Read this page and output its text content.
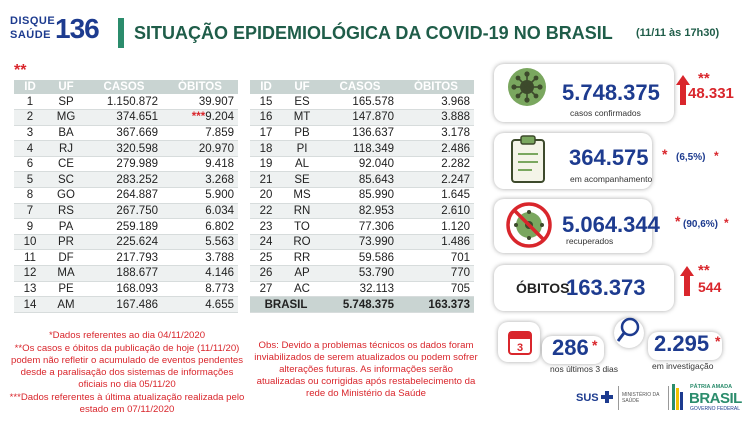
DISQUE
SAÚDE 136 SITUAÇÃO EPIDEMIOLÓGICA DA COVID-19 NO BRASIL (11/11 às 17h30)
**
ID	UF	CASOS	ÓBITOS
1	SP	1.150.872	39.907
2	MG	374.651	***9.204
3	BA	367.669	7.859
4	RJ	320.598	20.970
6	CE	279.989	9.418
5	SC	283.252	3.268
8	GO	264.887	5.900
7	RS	267.750	6.034
9	PA	259.189	6.802
10	PR	225.624	5.563
11	DF	217.793	3.788
12	MA	188.677	4.146
13	PE	168.093	8.773
14	AM	167.486	4.655
ID	UF	CASOS	ÓBITOS
15	ES	165.578	3.968
16	MT	147.870	3.888
17	PB	136.637	3.178
18	PI	118.349	2.486
19	AL	92.040	2.282
21	SE	85.643	2.247
20	MS	85.990	1.645
22	RN	82.953	2.610
23	TO	77.306	1.120
24	RO	73.990	1.486
25	RR	59.586	701
26	AP	53.790	770
27	AC	32.113	705
BRASIL		5.748.375	163.373

*Dados referentes ao dia 04/11/2020

**Os casos e óbitos da publicação de hoje (11/11/20) podem não refletir o acumulado de eventos pendentes desde a paralisação dos sistemas de informações oficiais no dia 05/11/20

***Dados referentes à última atualização realizada pelo estado em 07/11/2020

Obs: Devido a problemas técnicos os dados foram inviabilizados de serem atualizados ou podem sofrer alterações futuras. As informações serão atualizadas ou corrigidas após restabelecimento da rede do Ministério da Saúde
5.748.375
casos confirmados
**
48.331
364.575 * (6,5%) *
em acompanhamento
5.064.344 * (90,6%) *
recuperados
ÓBITOS
163.373
**
544
3 286 *
nos últimos 3 dias
2.295 *
em investigação
SUS	MINISTÉRIO DA SAÚDE
PÁTRIA AMADA
BRASIL
GOVERNO FEDERAL
